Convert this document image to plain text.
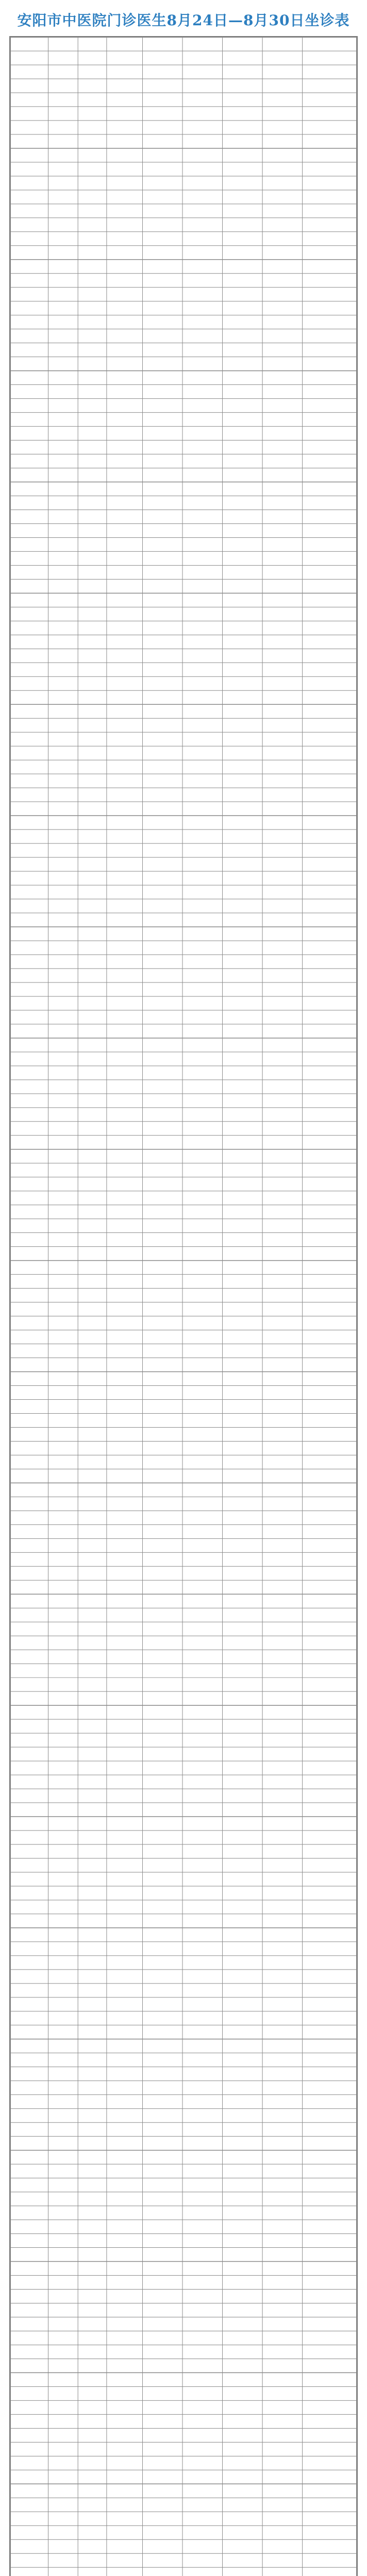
安阳市中医院门诊医生8月24日—8月30日坐诊表
